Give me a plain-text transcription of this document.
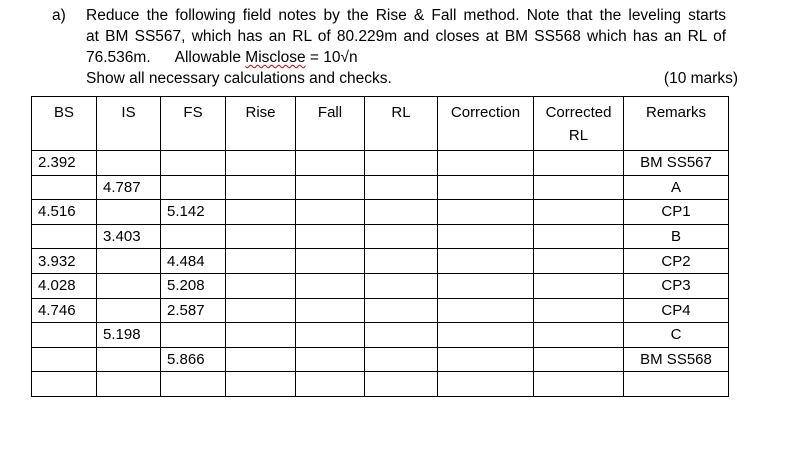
a) Reduce the following field notes by the Rise & Fall method. Note that the leveling starts
at BM SS567, which has an RL of 80.229m and closes at BM SS568 which has an RL of
76.536m. Allowable Misclose = 10√n
Show all necessary calculations and checks.	(10 marks)
BS	IS	FS	Rise	Fall	RL	Correction	Corrected RL	Remarks
2.392								BM SS567
	4.787							A
4.516		5.142						CP1
	3.403							B
3.932		4.484						CP2
4.028		5.208						CP3
4.746		2.587						CP4
	5.198							C
		5.866						BM SS568
